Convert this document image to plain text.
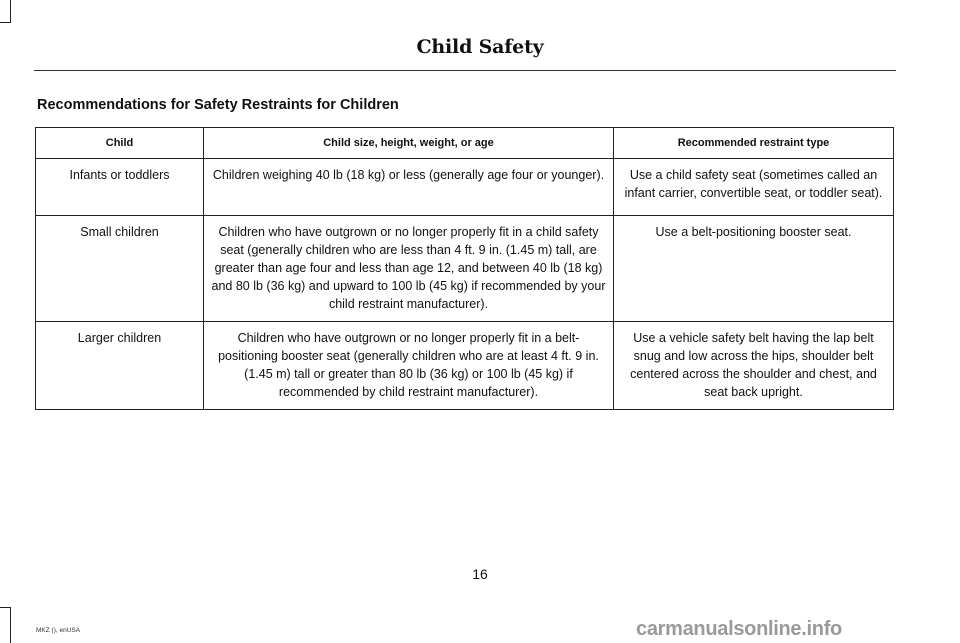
Child Safety
Recommendations for Safety Restraints for Children
Child	Child size, height, weight, or age	Recommended restraint type
Infants or toddlers	Children weighing 40 lb (18 kg) or less (generally age four or younger).	Use a child safety seat (sometimes called an infant carrier, convertible seat, or toddler seat).
Small children	Children who have outgrown or no longer properly fit in a child safety seat (generally children who are less than 4 ft. 9 in. (1.45 m) tall, are greater than age four and less than age 12, and between 40 lb (18 kg) and 80 lb (36 kg) and upward to 100 lb (45 kg) if recommended by your child restraint manufacturer).	Use a belt-positioning booster seat.
Larger children	Children who have outgrown or no longer properly fit in a belt-positioning booster seat (generally children who are at least 4 ft. 9 in. (1.45 m) tall or greater than 80 lb (36 kg) or 100 lb (45 kg) if recommended by child restraint manufacturer).	Use a vehicle safety belt having the lap belt snug and low across the hips, shoulder belt centered across the shoulder and chest, and seat back upright.
16
MKZ (), enUSA	carmanualsonline.info
